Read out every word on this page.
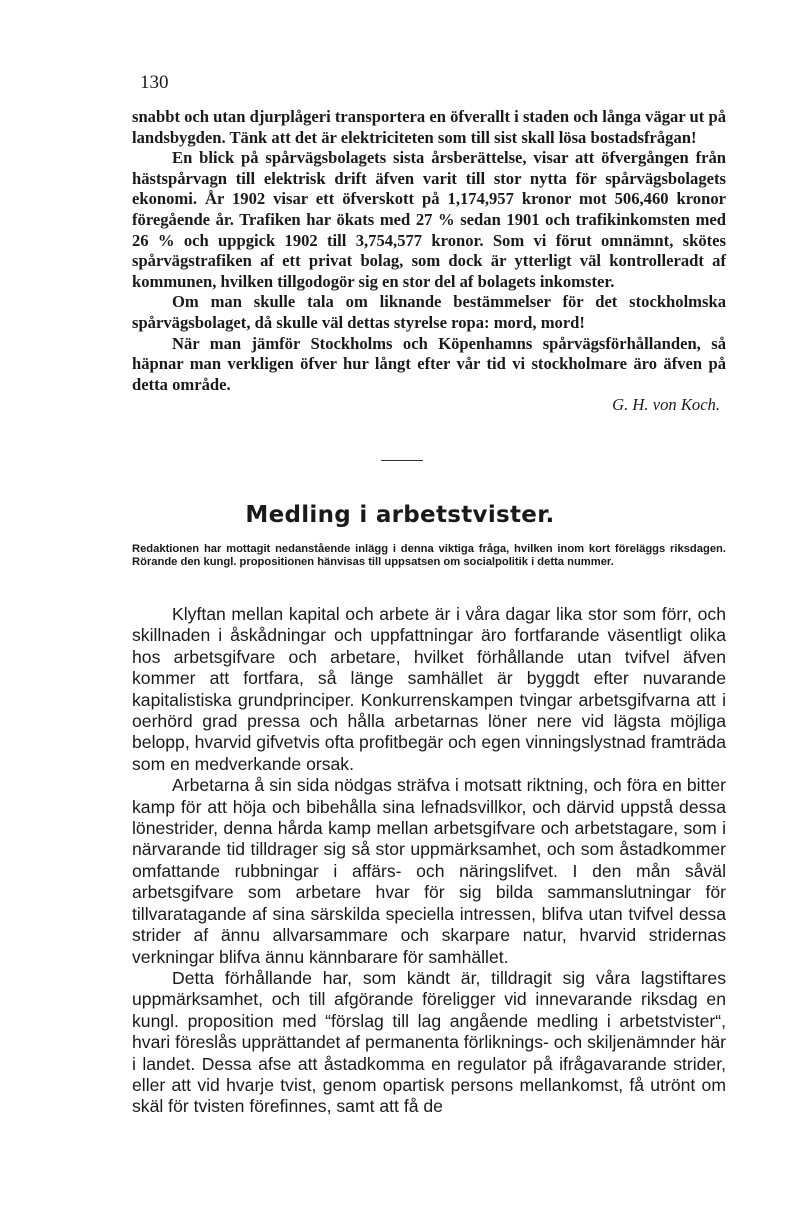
130

snabbt och utan djurplågeri transportera en öfverallt i staden och långa vägar ut på landsbygden. Tänk att det är elektriciteten som till sist skall lösa bostadsfrågan!

En blick på spårvägsbolagets sista årsberättelse, visar att öfvergången från hästspårvagn till elektrisk drift äfven varit till stor nytta för spårvägsbolagets ekonomi. År 1902 visar ett öfverskott på 1,174,957 kronor mot 506,460 kronor föregående år. Trafiken har ökats med 27 % sedan 1901 och trafikinkomsten med 26 % och uppgick 1902 till 3,754,577 kronor. Som vi förut omnämnt, skötes spårvägstrafiken af ett privat bolag, som dock är ytterligt väl kontrolleradt af kommunen, hvilken tillgodogör sig en stor del af bolagets inkomster.

Om man skulle tala om liknande bestämmelser för det stockholmska spårvägsbolaget, då skulle väl dettas styrelse ropa: mord, mord!

När man jämför Stockholms och Köpenhamns spårvägsförhållanden, så häpnar man verkligen öfver hur långt efter vår tid vi stockholmare äro äfven på detta område.

G. H. von Koch.
Medling i arbetstvister.

Redaktionen har mottagit nedanstående inlägg i denna viktiga fråga, hvilken inom kort föreläggs riksdagen. Rörande den kungl. propositionen hänvisas till uppsatsen om socialpolitik i detta nummer.

Klyftan mellan kapital och arbete är i våra dagar lika stor som förr, och skillnaden i åskådningar och uppfattningar äro fortfarande väsentligt olika hos arbetsgifvare och arbetare, hvilket förhållande utan tvifvel äfven kommer att fortfara, så länge samhället är byggdt efter nuvarande kapitalistiska grundprinciper. Konkurrenskampen tvingar arbetsgifvarna att i oerhörd grad pressa och hålla arbetarnas löner nere vid lägsta möjliga belopp, hvarvid gifvetvis ofta profitbegär och egen vinningslystnad framträda som en medverkande orsak.

Arbetarna å sin sida nödgas sträfva i motsatt riktning, och föra en bitter kamp för att höja och bibehålla sina lefnadsvillkor, och därvid uppstå dessa lönestrider, denna hårda kamp mellan arbetsgifvare och arbetstagare, som i närvarande tid tilldrager sig så stor uppmärksamhet, och som åstadkommer omfattande rubbningar i affärs- och näringslifvet. I den mån såväl arbetsgifvare som arbetare hvar för sig bilda sammanslutningar för tillvaratagande af sina särskilda speciella intressen, blifva utan tvifvel dessa strider af ännu allvarsammare och skarpare natur, hvarvid stridernas verkningar blifva ännu kännbarare för samhället.

Detta förhållande har, som kändt är, tilldragit sig våra lagstiftares uppmärksamhet, och till afgörande föreligger vid innevarande riksdag en kungl. proposition med “förslag till lag angående medling i arbetstvister“, hvari föreslås upprättandet af permanenta förliknings- och skiljenämnder här i landet. Dessa afse att åstadkomma en regulator på ifrågavarande strider, eller att vid hvarje tvist, genom opartisk persons mellankomst, få utrönt om skäl för tvisten förefinnes, samt att få de
